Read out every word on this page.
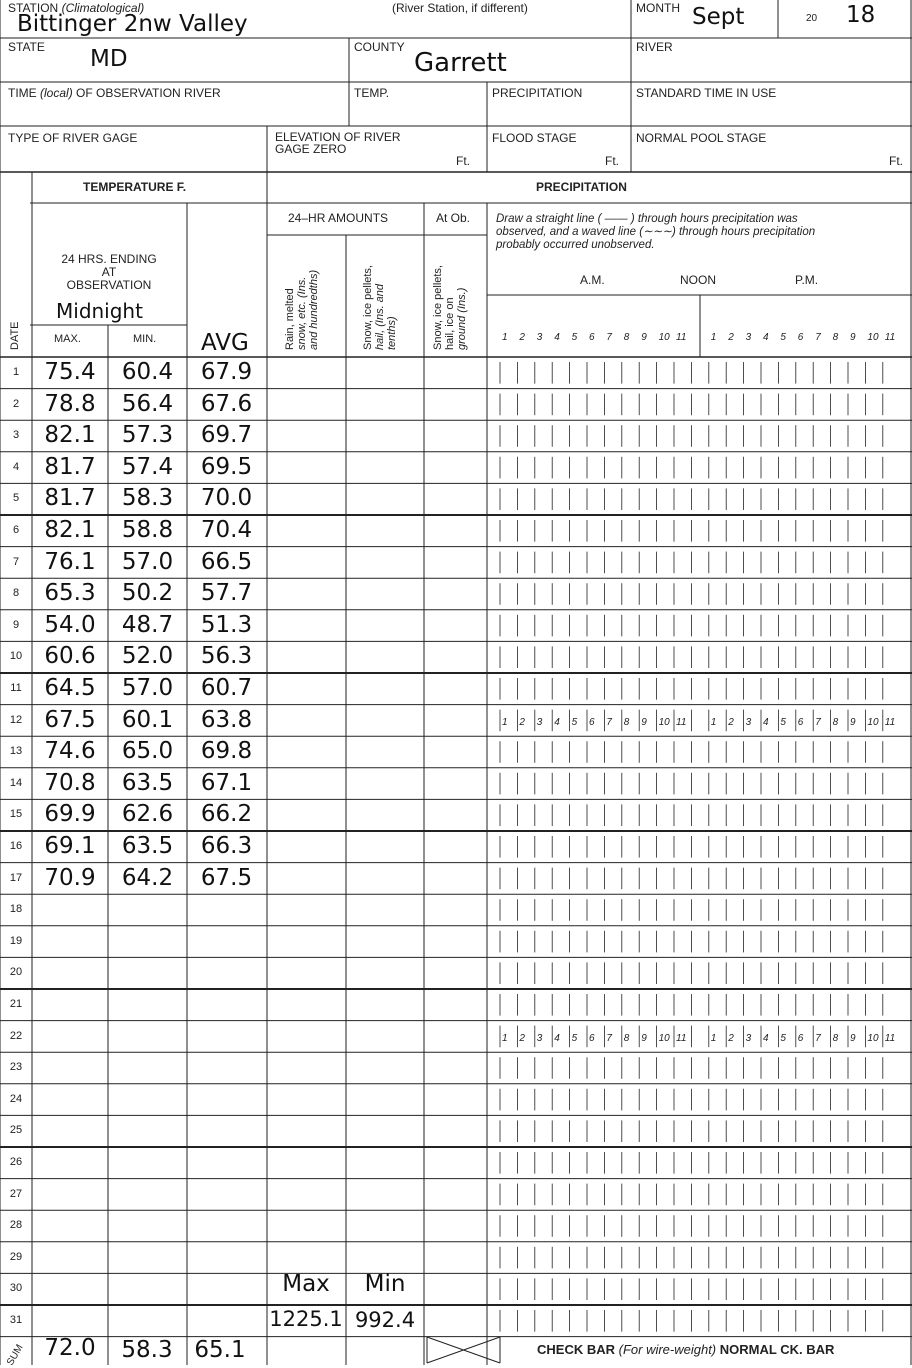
STATION (Climatological)
Bittinger 2nw Valley
(River Station, if different)	MONTH Sept	20 18
STATE MD	COUNTY
Garrett
RIVER
TIME (local) OF OBSERVATION RIVER	TEMP.	PRECIPITATION	STANDARD TIME IN USE
TYPE OF RIVER GAGE	ELEVATION OF RIVER
GAGE ZERO
Ft.
FLOOD STAGE
Ft.
NORMAL POOL STAGE
Ft.
TEMPERATURE F.	PRECIPITATION
24 HRS. ENDING
AT
OBSERVATION
Midnight
MAX.	MIN. AVG
DATE
24–HR AMOUNTS	At Ob.
Rain, melted
snow, etc. (Ins.
and hundredths)	Snow, ice pellets,
hail, (Ins. and
tenths)	Snow, ice pellets,
hail, ice on
ground (Ins.)
Draw a straight line ( —— ) through hours precipitation was
observed, and a waved line (∼∼∼) through hours precipitation
probably occurred unobserved.
A.M.	NOON	P.M.
1 2 3 4 5 6 7 8 9 10 11 1 2 3 4 5 6 7 8 9 10 11
1 2 3 4 5 6 7 8 9 10 11 1 2 3 4 5 6 7 8 9 10 11
1 2 3 4 5 6 7 8 9 10 11 1 2 3 4 5 6 7 8 9 10 11
1	75.4	60.4	67.9
2	78.8	56.4	67.6
3	82.1	57.3	69.7
4	81.7	57.4	69.5
5	81.7	58.3	70.0
6	82.1	58.8	70.4
7	76.1	57.0	66.5
8	65.3	50.2	57.7
9	54.0	48.7	51.3
10 60.6	52.0	56.3
11 64.5	57.0	60.7
12 67.5	60.1	63.8
13 74.6	65.0	69.8
14 70.8	63.5	67.1
15 69.9	62.6	66.2
16 69.1	63.5	66.3
17 70.9	64.2	67.5
18
19
20
21
22
23
24
25
26
27
28
29
30
31
Max	Min
1225.1 992.4
SUM 72.0	58.3 65.1	CHECK BAR (For wire-weight) NORMAL CK. BAR
